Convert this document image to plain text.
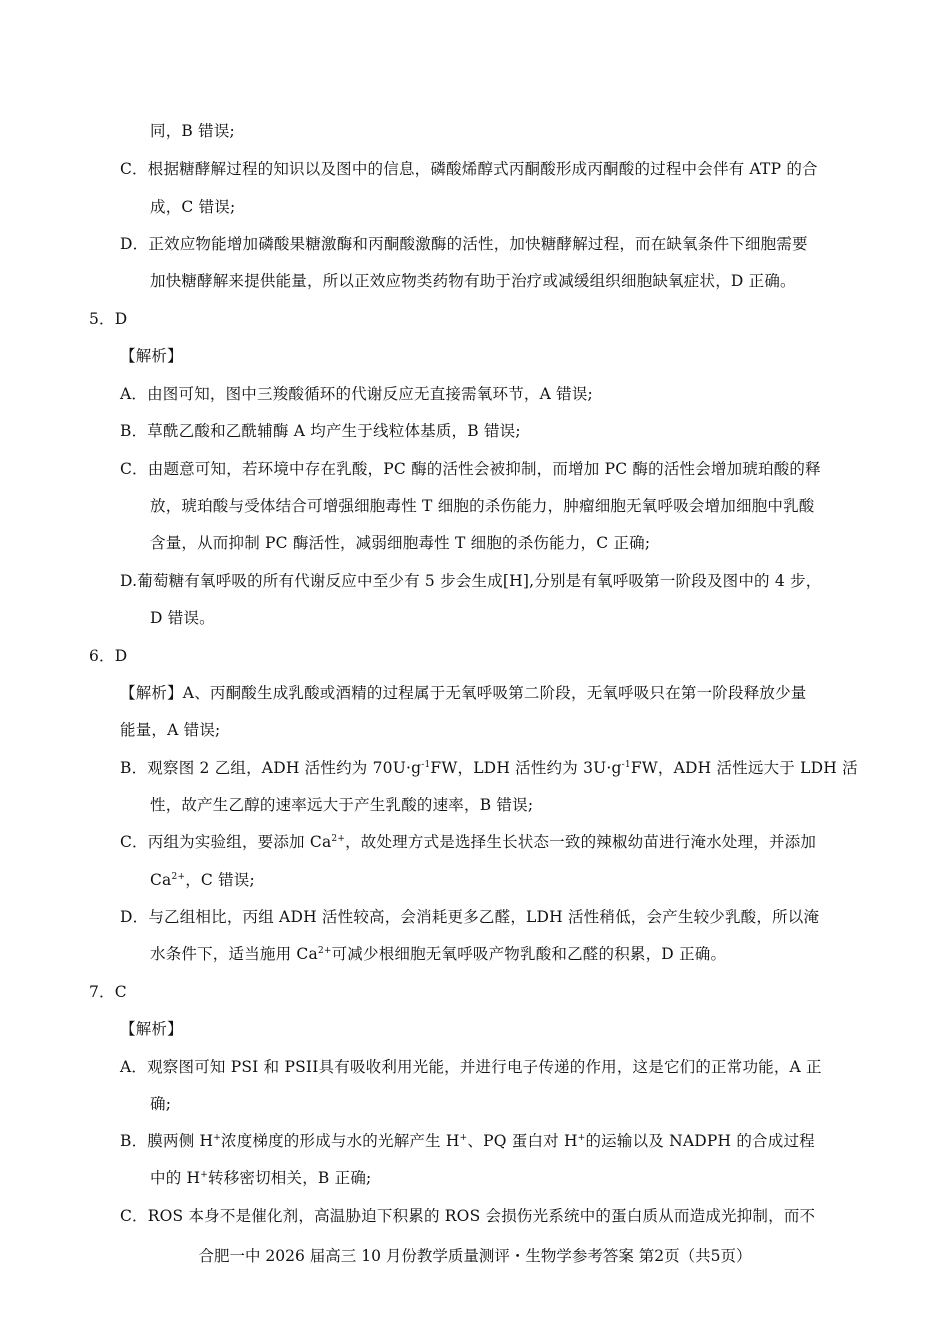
同，B 错误;
C．根据糖酵解过程的知识以及图中的信息，磷酸烯醇式丙酮酸形成丙酮酸的过程中会伴有 ATP 的合
成，C 错误;
D．正效应物能增加磷酸果糖激酶和丙酮酸激酶的活性，加快糖酵解过程，而在缺氧条件下细胞需要
加快糖酵解来提供能量，所以正效应物类药物有助于治疗或减缓组织细胞缺氧症状，D 正确。
5．D
【解析】
A．由图可知，图中三羧酸循环的代谢反应无直接需氧环节，A 错误;
B．草酰乙酸和乙酰辅酶 A 均产生于线粒体基质，B 错误;
C．由题意可知，若环境中存在乳酸，PC 酶的活性会被抑制，而增加 PC 酶的活性会增加琥珀酸的释
放，琥珀酸与受体结合可增强细胞毒性 T 细胞的杀伤能力，肿瘤细胞无氧呼吸会增加细胞中乳酸
含量，从而抑制 PC 酶活性，减弱细胞毒性 T 细胞的杀伤能力，C 正确;
D.葡萄糖有氧呼吸的所有代谢反应中至少有 5 步会生成[H],分别是有氧呼吸第一阶段及图中的 4 步，
D 错误。
6．D
【解析】A、丙酮酸生成乳酸或酒精的过程属于无氧呼吸第二阶段，无氧呼吸只在第一阶段释放少量
能量，A 错误;
B．观察图 2 乙组，ADH 活性约为 $70U\cdot g^{-1}FW$，LDH 活性约为 $3U\cdot g^{-1}FW$，ADH 活性远大于 LDH 活
性，故产生乙醇的速率远大于产生乳酸的速率，B 错误;
C．丙组为实验组，要添加 $Ca^{2+}$，故处理方式是选择生长状态一致的辣椒幼苗进行淹水处理，并添加
$Ca^{2+}$，C 错误;
D．与乙组相比，丙组 ADH 活性较高，会消耗更多乙醛，LDH 活性稍低，会产生较少乳酸，所以淹
水条件下，适当施用 $Ca^{2+}$可减少根细胞无氧呼吸产物乳酸和乙醛的积累，D 正确。
7．C
【解析】
A．观察图可知 PSI 和 PSII具有吸收利用光能，并进行电子传递的作用，这是它们的正常功能，A 正
确;
B．膜两侧 H+浓度梯度的形成与水的光解产生 H+、PQ 蛋白对 H+的运输以及 NADPH 的合成过程
中的 H+转移密切相关，B 正确;
C．ROS 本身不是催化剂，高温胁迫下积累的 ROS 会损伤光系统中的蛋白质从而造成光抑制，而不
合肥一中 2026 届高三 10 月份教学质量测评・生物学参考答案 第2页（共5页）
